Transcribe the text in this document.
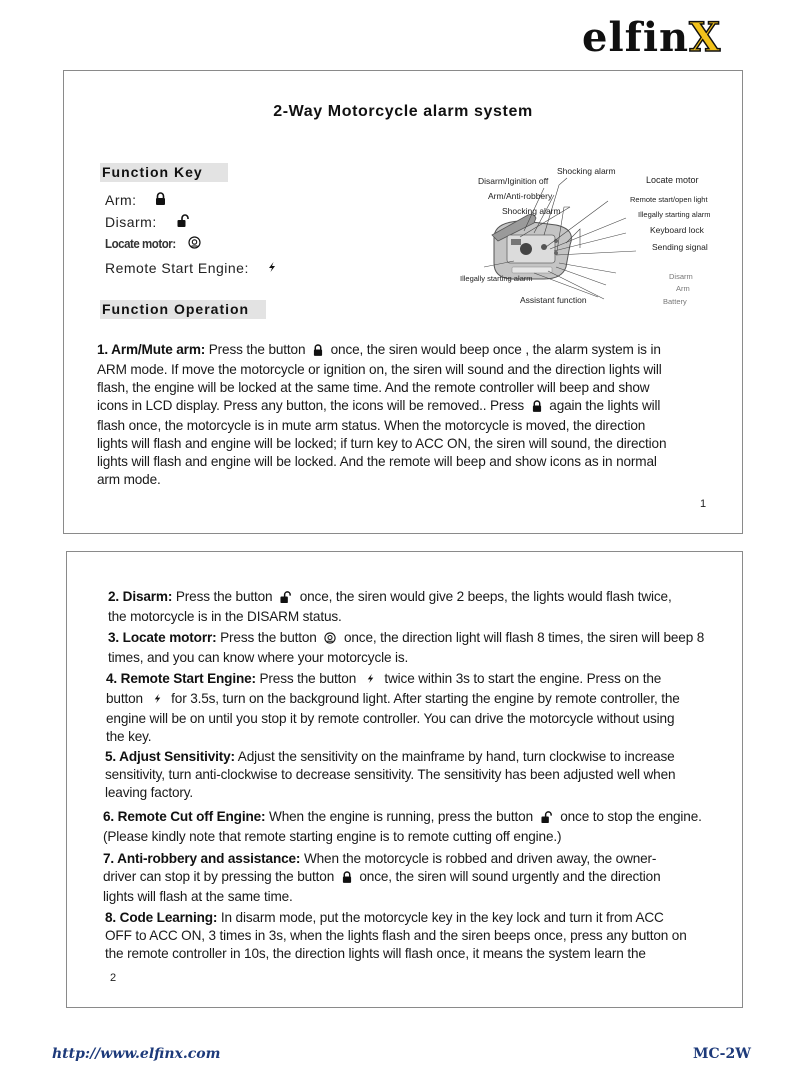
elfinX
2-Way Motorcycle alarm system
Function Key
Arm:
Disarm:
Locate motor:
Remote Start Engine:
Function Operation
Shocking alarm
Disarm/Iginition off	Locate motor
Arm/Anti-robbery	Remote start/open light
Shocking alarm	Illegally starting alarm
Keyboard lock
Sending signal
Illegally starting alarm	Disarm
Arm
Assistant function	Battery
1. Arm/Mute arm: Press the button  once, the siren would beep once , the alarm system is in
ARM mode. If move the motorcycle or ignition on, the siren will sound and the direction lights will
flash, the engine will be locked at the same time. And the remote controller will beep and show
icons in LCD display. Press any button, the icons will be removed.. Press  again the lights will
flash once, the motorcycle is in mute arm status. When the motorcycle is moved, the direction
lights will flash and engine will be locked; if turn key to ACC ON, the siren will sound, the direction
lights will flash and engine will be locked. And the remote will beep and show icons as in normal
arm mode.
1
2. Disarm: Press the button  once, the siren would give 2 beeps, the lights would flash twice,
the motorcycle is in the DISARM status.
3. Locate motorr: Press the button  once, the direction light will flash 8 times, the siren will beep 8
times, and you can know where your motorcycle is.
4. Remote Start Engine: Press the button  twice within 3s to start the engine. Press on the
button  for 3.5s, turn on the background light. After starting the engine by remote controller, the
engine will be on until you stop it by remote controller. You can drive the motorcycle without using
the key.
5. Adjust Sensitivity: Adjust the sensitivity on the mainframe by hand, turn clockwise to increase
sensitivity, turn anti-clockwise to decrease sensitivity. The sensitivity has been adjusted well when
leaving factory.
6. Remote Cut off Engine: When the engine is running, press the button  once to stop the engine.
(Please kindly note that remote starting engine is to remote cutting off engine.)
7. Anti-robbery and assistance: When the motorcycle is robbed and driven away, the owner-
driver can stop it by pressing the button  once, the siren will sound urgently and the direction
lights will flash at the same time.
8. Code Learning: In disarm mode, put the motorcycle key in the key lock and turn it from ACC
OFF to ACC ON, 3 times in 3s, when the lights flash and the siren beeps once, press any button on
the remote controller in 10s, the direction lights will flash once, it means the system learn the
2
http://www.elfinx.com	MC-2W
